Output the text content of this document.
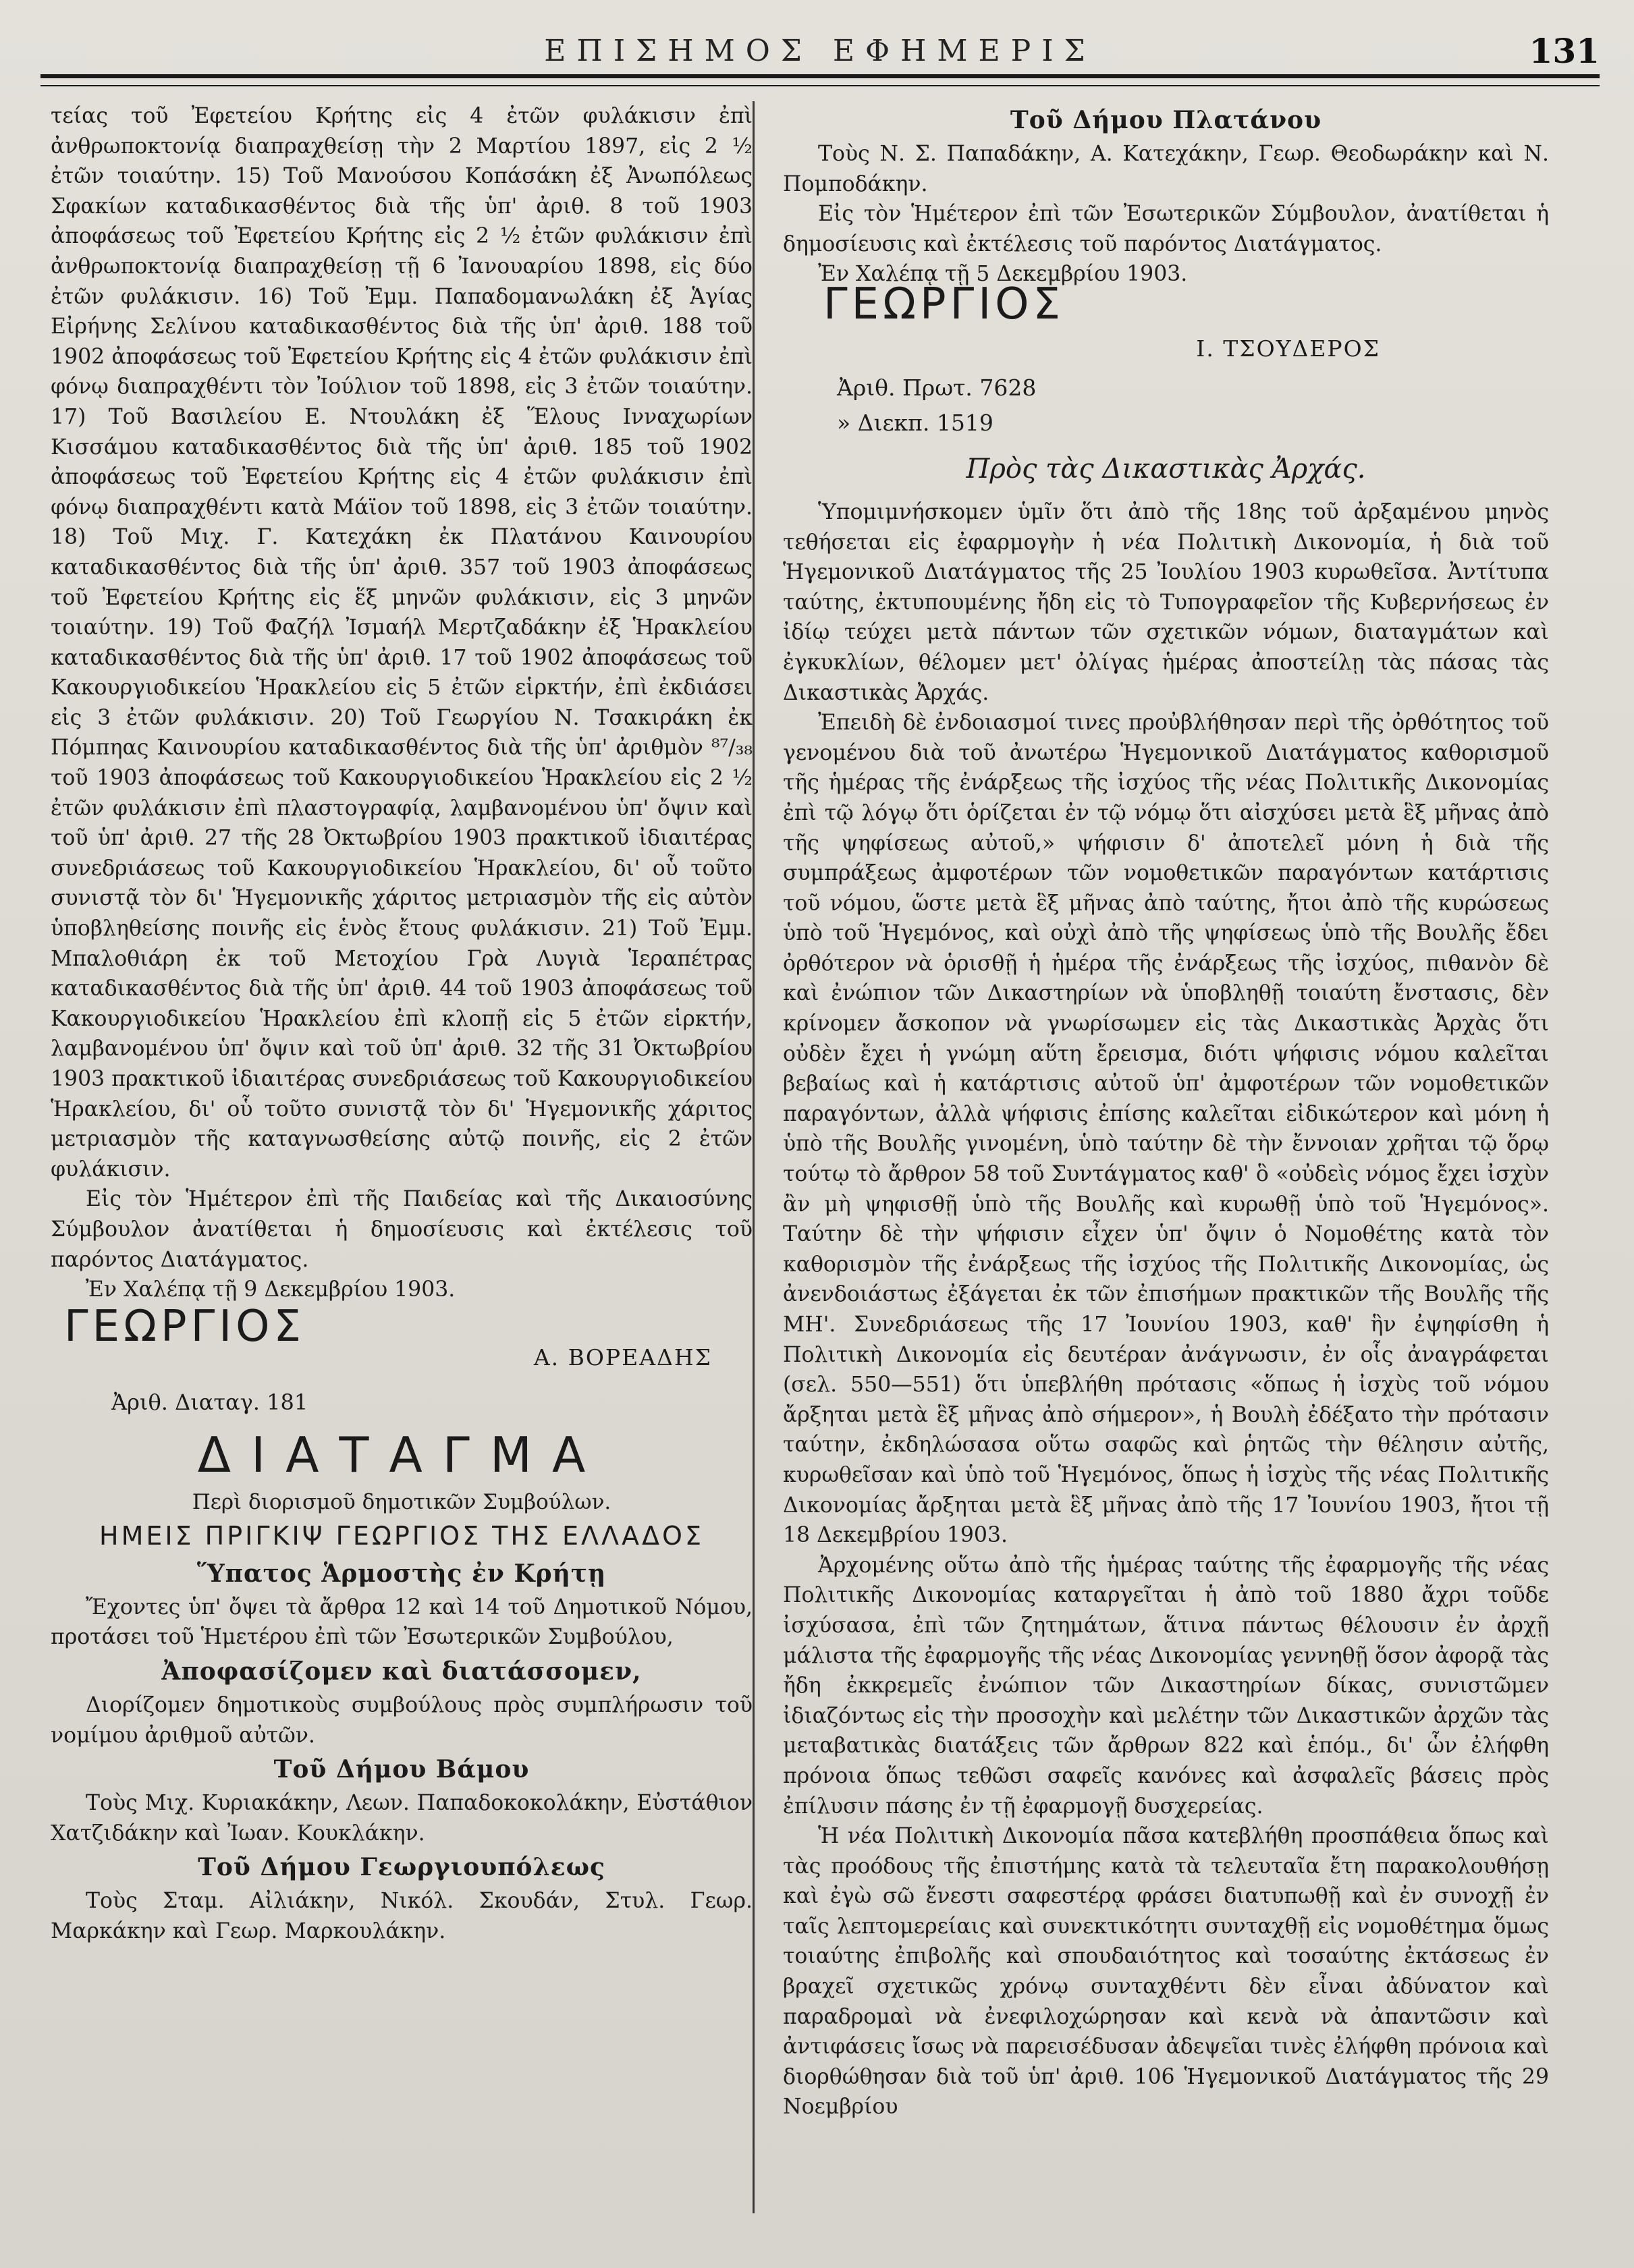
ΕΠΙΣΗΜΟΣ ΕΦΗΜΕΡΙΣ	131

τείας τοῦ Ἐφετείου Κρήτης εἰς 4 ἐτῶν φυλάκισιν ἐπὶ ἀνθρωποκτονίᾳ διαπραχθείσῃ τὴν 2 Μαρτίου 1897, εἰς 2 ½ ἐτῶν τοιαύτην. 15) Τοῦ Μανούσου Κοπάσάκη ἐξ Ἀνωπόλεως Σφακίων καταδικασθέντος διὰ τῆς ὑπ' ἀριθ. 8 τοῦ 1903 ἀποφάσεως τοῦ Ἐφετείου Κρήτης εἰς 2 ½ ἐτῶν φυλάκισιν ἐπὶ ἀνθρωποκτονίᾳ διαπραχθείσῃ τῇ 6 Ἰανουαρίου 1898, εἰς δύο ἐτῶν φυλάκισιν. 16) Τοῦ Ἐμμ. Παπαδομανωλάκη ἐξ Ἁγίας Εἰρήνης Σελίνου καταδικασθέντος διὰ τῆς ὑπ' ἀριθ. 188 τοῦ 1902 ἀποφάσεως τοῦ Ἐφετείου Κρήτης εἰς 4 ἐτῶν φυλάκισιν ἐπὶ φόνῳ διαπραχθέντι τὸν Ἰούλιον τοῦ 1898, εἰς 3 ἐτῶν τοιαύτην. 17) Τοῦ Βασιλείου Ε. Ντουλάκη ἐξ Ἕλους Ινναχωρίων Κισσάμου καταδικασθέντος διὰ τῆς ὑπ' ἀριθ. 185 τοῦ 1902 ἀποφάσεως τοῦ Ἐφετείου Κρήτης εἰς 4 ἐτῶν φυλάκισιν ἐπὶ φόνῳ διαπραχθέντι κατὰ Μάϊον τοῦ 1898, εἰς 3 ἐτῶν τοιαύτην. 18) Τοῦ Μιχ. Γ. Κατεχάκη ἐκ Πλατάνου Καινουρίου καταδικασθέντος διὰ τῆς ὑπ' ἀριθ. 357 τοῦ 1903 ἀποφάσεως τοῦ Ἐφετείου Κρήτης εἰς ἕξ μηνῶν φυλάκισιν, εἰς 3 μηνῶν τοιαύτην. 19) Τοῦ Φαζήλ Ἰσμαήλ Μερτζαδάκην ἐξ Ἡρακλείου καταδικασθέντος διὰ τῆς ὑπ' ἀριθ. 17 τοῦ 1902 ἀποφάσεως τοῦ Κακουργιοδικείου Ἡρακλείου εἰς 5 ἐτῶν εἱρκτήν, ἐπὶ ἐκδιάσει εἰς 3 ἐτῶν φυλάκισιν. 20) Τοῦ Γεωργίου Ν. Τσακιράκη ἐκ Πόμπηας Καινουρίου καταδικασθέντος διὰ τῆς ὑπ' ἀριθμὸν ⁸⁷/₃₈ τοῦ 1903 ἀποφάσεως τοῦ Κακουργιοδικείου Ἡρακλείου εἰς 2 ½ ἐτῶν φυλάκισιν ἐπὶ πλαστογραφίᾳ, λαμβανομένου ὑπ' ὄψιν καὶ τοῦ ὑπ' ἀριθ. 27 τῆς 28 Ὀκτωβρίου 1903 πρακτικοῦ ἰδιαιτέρας συνεδριάσεως τοῦ Κακουργιοδικείου Ἡρακλείου, δι' οὗ τοῦτο συνιστᾷ τὸν δι' Ἡγεμονικῆς χάριτος μετριασμὸν τῆς εἰς αὐτὸν ὑποβληθείσης ποινῆς εἰς ἑνὸς ἔτους φυλάκισιν. 21) Τοῦ Ἐμμ. Μπαλοθιάρη ἐκ τοῦ Μετοχίου Γρὰ Λυγιὰ Ἱεραπέτρας καταδικασθέντος διὰ τῆς ὑπ' ἀριθ. 44 τοῦ 1903 ἀποφάσεως τοῦ Κακουργιοδικείου Ἡρακλείου ἐπὶ κλοπῇ εἰς 5 ἐτῶν εἱρκτήν, λαμβανομένου ὑπ' ὄψιν καὶ τοῦ ὑπ' ἀριθ. 32 τῆς 31 Ὀκτωβρίου 1903 πρακτικοῦ ἰδιαιτέρας συνεδριάσεως τοῦ Κακουργιοδικείου Ἡρακλείου, δι' οὗ τοῦτο συνιστᾷ τὸν δι' Ἡγεμονικῆς χάριτος μετριασμὸν τῆς καταγνωσθείσης αὐτῷ ποινῆς, εἰς 2 ἐτῶν φυλάκισιν.

Εἰς τὸν Ἡμέτερον ἐπὶ τῆς Παιδείας καὶ τῆς Δικαιοσύνης Σύμβουλον ἀνατίθεται ἡ δημοσίευσις καὶ ἐκτέλεσις τοῦ παρόντος Διατάγματος.

Ἐν Χαλέπᾳ τῇ 9 Δεκεμβρίου 1903.

ΓΕΩΡΓΙΟΣ
Α. ΒΟΡΕΑΔΗΣ

Ἀριθ. Διαταγ. 181

ΔΙΑΤΑΓΜΑ

Περὶ διορισμοῦ δημοτικῶν Συμβούλων.

ΗΜΕΙΣ ΠΡΙΓΚΙΨ ΓΕΩΡΓΙΟΣ ΤΗΣ ΕΛΛΑΔΟΣ
Ὕπατος Ἁρμοστὴς ἐν Κρήτῃ

Ἔχοντες ὑπ' ὄψει τὰ ἄρθρα 12 καὶ 14 τοῦ Δημοτικοῦ Νόμου, προτάσει τοῦ Ἡμετέρου ἐπὶ τῶν Ἐσωτερικῶν Συμβούλου,

Ἀποφασίζομεν καὶ διατάσσομεν,

Διορίζομεν δημοτικοὺς συμβούλους πρὸς συμπλήρωσιν τοῦ νομίμου ἀριθμοῦ αὐτῶν.

Τοῦ Δήμου Βάμου

Τοὺς Μιχ. Κυριακάκην, Λεων. Παπαδοκοκολάκην, Εὐστάθιον Χατζιδάκην καὶ Ἰωαν. Κουκλάκην.

Τοῦ Δήμου Γεωργιουπόλεως

Τοὺς Σταμ. Αἰλιάκην, Νικόλ. Σκουδάν, Στυλ. Γεωρ. Μαρκάκην καὶ Γεωρ. Μαρκουλάκην.

Τοῦ Δήμου Πλατάνου

Τοὺς Ν. Σ. Παπαδάκην, Α. Κατεχάκην, Γεωρ. Θεοδωράκην καὶ Ν. Πομποδάκην.

Εἰς τὸν Ἡμέτερον ἐπὶ τῶν Ἐσωτερικῶν Σύμβουλον, ἀνατίθεται ἡ δημοσίευσις καὶ ἐκτέλεσις τοῦ παρόντος Διατάγματος.

Ἐν Χαλέπᾳ τῇ 5 Δεκεμβρίου 1903.

ΓΕΩΡΓΙΟΣ
Ι. ΤΣΟΥΔΕΡΟΣ

Ἀριθ. Πρωτ. 7628

» Διεκπ. 1519

Πρὸς τὰς Δικαστικὰς Ἀρχάς.

Ὑπομιμνήσκομεν ὑμῖν ὅτι ἀπὸ τῆς 18ης τοῦ ἀρξαμένου μηνὸς τεθήσεται εἰς ἐφαρμογὴν ἡ νέα Πολιτικὴ Δικονομία, ἡ διὰ τοῦ Ἡγεμονικοῦ Διατάγματος τῆς 25 Ἰουλίου 1903 κυρωθεῖσα. Ἀντίτυπα ταύτης, ἐκτυπουμένης ἤδη εἰς τὸ Τυπογραφεῖον τῆς Κυβερνήσεως ἐν ἰδίῳ τεύχει μετὰ πάντων τῶν σχετικῶν νόμων, διαταγμάτων καὶ ἐγκυκλίων, θέλομεν μετ' ὀλίγας ἡμέρας ἀποστείλῃ τὰς πάσας τὰς Δικαστικὰς Ἀρχάς.

Ἐπειδὴ δὲ ἐνδοιασμοί τινες προὐβλήθησαν περὶ τῆς ὀρθότητος τοῦ γενομένου διὰ τοῦ ἀνωτέρω Ἡγεμονικοῦ Διατάγματος καθορισμοῦ τῆς ἡμέρας τῆς ἐνάρξεως τῆς ἰσχύος τῆς νέας Πολιτικῆς Δικονομίας ἐπὶ τῷ λόγῳ ὅτι ὁρίζεται ἐν τῷ νόμῳ ὅτι αἰσχύσει μετὰ ἓξ μῆνας ἀπὸ τῆς ψηφίσεως αὐτοῦ,» ψήφισιν δ' ἀποτελεῖ μόνη ἡ διὰ τῆς συμπράξεως ἀμφοτέρων τῶν νομοθετικῶν παραγόντων κατάρτισις τοῦ νόμου, ὥστε μετὰ ἓξ μῆνας ἀπὸ ταύτης, ἤτοι ἀπὸ τῆς κυρώσεως ὑπὸ τοῦ Ἡγεμόνος, καὶ οὐχὶ ἀπὸ τῆς ψηφίσεως ὑπὸ τῆς Βουλῆς ἔδει ὀρθότερον νὰ ὁρισθῇ ἡ ἡμέρα τῆς ἐνάρξεως τῆς ἰσχύος, πιθανὸν δὲ καὶ ἐνώπιον τῶν Δικαστηρίων νὰ ὑποβληθῇ τοιαύτη ἔνστασις, δὲν κρίνομεν ἄσκοπον νὰ γνωρίσωμεν εἰς τὰς Δικαστικὰς Ἀρχὰς ὅτι οὐδὲν ἔχει ἡ γνώμη αὕτη ἔρεισμα, διότι ψήφισις νόμου καλεῖται βεβαίως καὶ ἡ κατάρτισις αὐτοῦ ὑπ' ἀμφοτέρων τῶν νομοθετικῶν παραγόντων, ἀλλὰ ψήφισις ἐπίσης καλεῖται εἰδικώτερον καὶ μόνη ἡ ὑπὸ τῆς Βουλῆς γινομένη, ὑπὸ ταύτην δὲ τὴν ἔννοιαν χρῆται τῷ ὅρῳ τούτῳ τὸ ἄρθρον 58 τοῦ Συντάγματος καθ' ὃ «οὐδεὶς νόμος ἔχει ἰσχὺν ἂν μὴ ψηφισθῇ ὑπὸ τῆς Βουλῆς καὶ κυρωθῇ ὑπὸ τοῦ Ἡγεμόνος». Ταύτην δὲ τὴν ψήφισιν εἶχεν ὑπ' ὄψιν ὁ Νομοθέτης κατὰ τὸν καθορισμὸν τῆς ἐνάρξεως τῆς ἰσχύος τῆς Πολιτικῆς Δικονομίας, ὡς ἀνενδοιάστως ἐξάγεται ἐκ τῶν ἐπισήμων πρακτικῶν τῆς Βουλῆς τῆς ΜΗ'. Συνεδριάσεως τῆς 17 Ἰουνίου 1903, καθ' ἣν ἐψηφίσθη ἡ Πολιτικὴ Δικονομία εἰς δευτέραν ἀνάγνωσιν, ἐν οἷς ἀναγράφεται (σελ. 550—551) ὅτι ὑπεβλήθη πρότασις «ὅπως ἡ ἰσχὺς τοῦ νόμου ἄρξηται μετὰ ἓξ μῆνας ἀπὸ σήμερον», ἡ Βουλὴ ἐδέξατο τὴν πρότασιν ταύτην, ἐκδηλώσασα οὕτω σαφῶς καὶ ῥητῶς τὴν θέλησιν αὐτῆς, κυρωθεῖσαν καὶ ὑπὸ τοῦ Ἡγεμόνος, ὅπως ἡ ἰσχὺς τῆς νέας Πολιτικῆς Δικονομίας ἄρξηται μετὰ ἓξ μῆνας ἀπὸ τῆς 17 Ἰουνίου 1903, ἤτοι τῇ 18 Δεκεμβρίου 1903.

Ἀρχομένης οὕτω ἀπὸ τῆς ἡμέρας ταύτης τῆς ἐφαρμογῆς τῆς νέας Πολιτικῆς Δικονομίας καταργεῖται ἡ ἀπὸ τοῦ 1880 ἄχρι τοῦδε ἰσχύσασα, ἐπὶ τῶν ζητημάτων, ἅτινα πάντως θέλουσιν ἐν ἀρχῇ μάλιστα τῆς ἐφαρμογῆς τῆς νέας Δικονομίας γεννηθῇ ὅσον ἀφορᾷ τὰς ἤδη ἐκκρεμεῖς ἐνώπιον τῶν Δικαστηρίων δίκας, συνιστῶμεν ἰδιαζόντως εἰς τὴν προσοχὴν καὶ μελέτην τῶν Δικαστικῶν ἀρχῶν τὰς μεταβατικὰς διατάξεις τῶν ἄρθρων 822 καὶ ἑπόμ., δι' ὧν ἐλήφθη πρόνοια ὅπως τεθῶσι σαφεῖς κανόνες καὶ ἀσφαλεῖς βάσεις πρὸς ἐπίλυσιν πάσης ἐν τῇ ἐφαρμογῇ δυσχερείας.

Ἡ νέα Πολιτικὴ Δικονομία πᾶσα κατεβλήθη προσπάθεια ὅπως καὶ τὰς προόδους τῆς ἐπιστήμης κατὰ τὰ τελευταῖα ἔτη παρακολουθήσῃ καὶ ἐγὼ σῶ ἔνεστι σαφεστέρᾳ φράσει διατυπωθῇ καὶ ἐν συνοχῇ ἐν ταῖς λεπτομερείαις καὶ συνεκτικότητι συνταχθῇ εἰς νομοθέτημα ὅμως τοιαύτης ἐπιβολῆς καὶ σπουδαιότητος καὶ τοσαύτης ἐκτάσεως ἐν βραχεῖ σχετικῶς χρόνῳ συνταχθέντι δὲν εἶναι ἀδύνατον καὶ παραδρομαὶ νὰ ἐνεφιλοχώρησαν καὶ κενὰ νὰ ἀπαντῶσιν καὶ ἀντιφάσεις ἴσως νὰ παρεισέδυσαν ἀδεψεῖαι τινὲς ἐλήφθη πρόνοια καὶ διορθώθησαν διὰ τοῦ ὑπ' ἀριθ. 106 Ἡγεμονικοῦ Διατάγματος τῆς 29 Νοεμβρίου
